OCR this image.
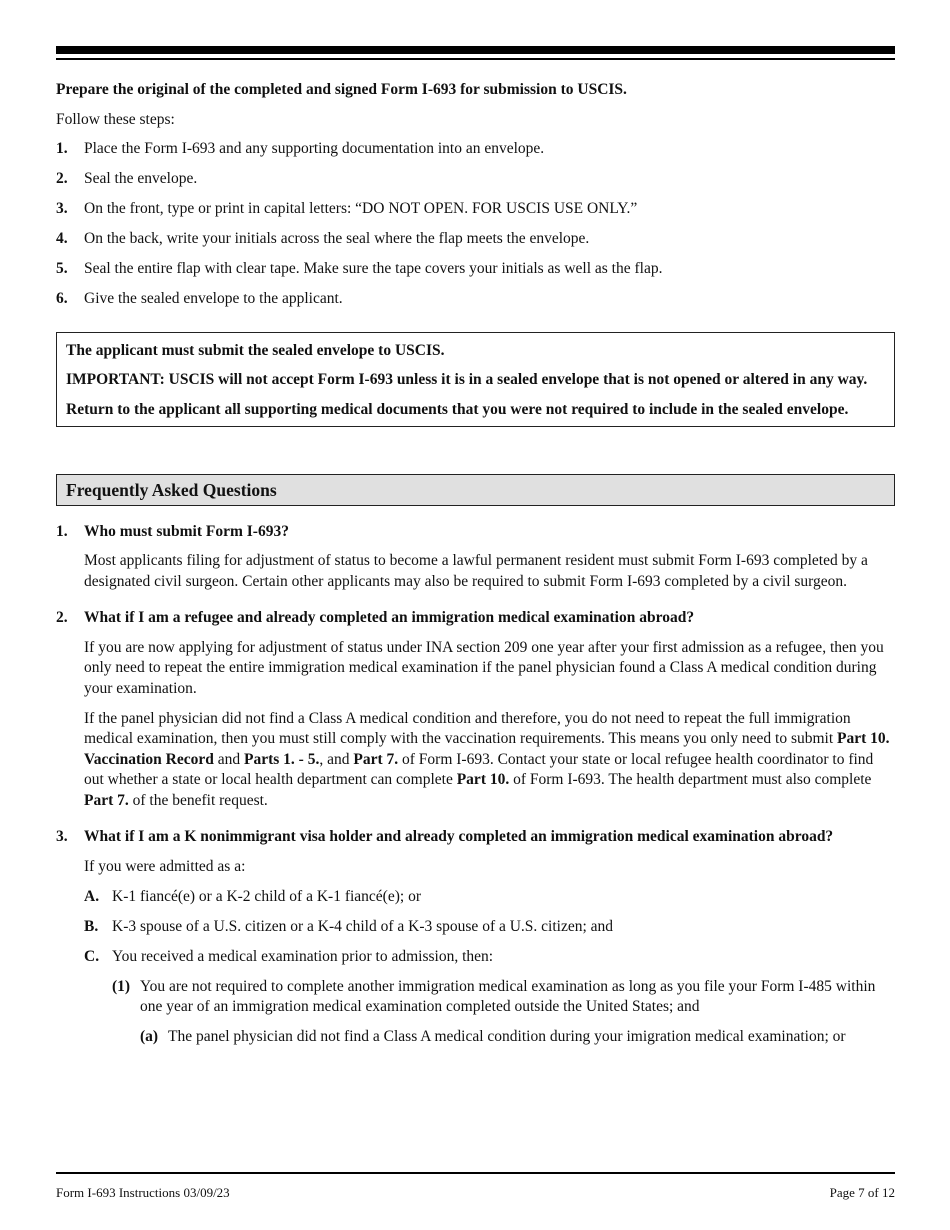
Prepare the original of the completed and signed Form I-693 for submission to USCIS.

Follow these steps:

1.	Place the Form I-693 and any supporting documentation into an envelope.
2.	Seal the envelope.
3.	On the front, type or print in capital letters: “DO NOT OPEN. FOR USCIS USE ONLY.”
4.	On the back, write your initials across the seal where the flap meets the envelope.
5.	Seal the entire flap with clear tape. Make sure the tape covers your initials as well as the flap.
6.	Give the sealed envelope to the applicant.

The applicant must submit the sealed envelope to USCIS.

IMPORTANT: USCIS will not accept Form I-693 unless it is in a sealed envelope that is not opened or altered in any way.

Return to the applicant all supporting medical documents that you were not required to include in the sealed envelope.

Frequently Asked Questions
1.	Who must submit Form I-693?

Most applicants filing for adjustment of status to become a lawful permanent resident must submit Form I-693 completed by a designated civil surgeon. Certain other applicants may also be required to submit Form I-693 completed by a civil surgeon.

2.	What if I am a refugee and already completed an immigration medical examination abroad?

If you are now applying for adjustment of status under INA section 209 one year after your first admission as a refugee, then you only need to repeat the entire immigration medical examination if the panel physician found a Class A medical condition during your examination.

If the panel physician did not find a Class A medical condition and therefore, you do not need to repeat the full immigration medical examination, then you must still comply with the vaccination requirements. This means you only need to submit Part 10. Vaccination Record and Parts 1. - 5., and Part 7. of Form I-693. Contact your state or local refugee health coordinator to find out whether a state or local health department can complete Part 10. of Form I-693. The health department must also complete Part 7. of the benefit request.

3.	What if I am a K nonimmigrant visa holder and already completed an immigration medical examination abroad?

If you were admitted as a:

A. K-1 fiancé(e) or a K-2 child of a K-1 fiancé(e); or
B. K-3 spouse of a U.S. citizen or a K-4 child of a K-3 spouse of a U.S. citizen; and
C. You received a medical examination prior to admission, then:
(1) You are not required to complete another immigration medical examination as long as you file your Form I-485 within one year of an immigration medical examination completed outside the United States; and
(a) The panel physician did not find a Class A medical condition during your imigration medical examination; or
Form I-693 Instructions 03/09/23	Page 7 of 12
